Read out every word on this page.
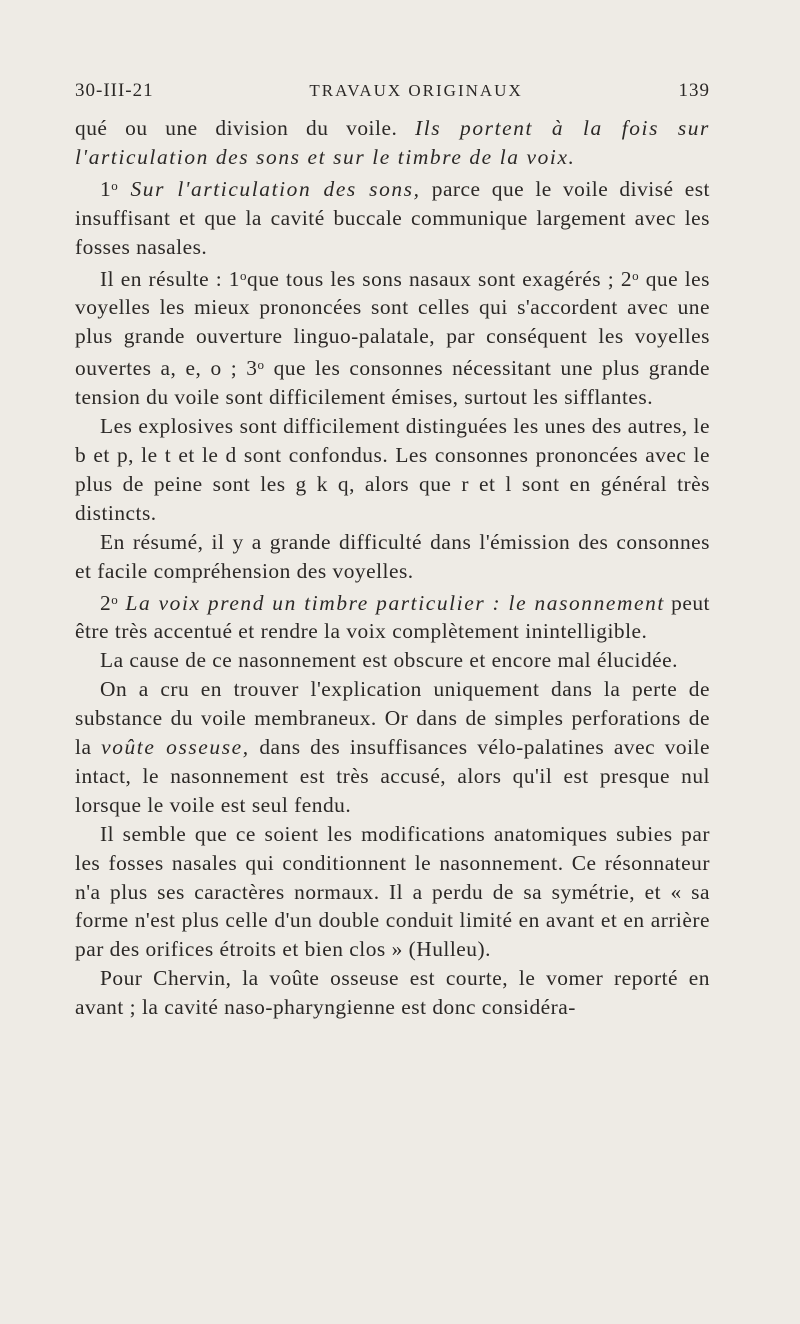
30-III-21	TRAVAUX ORIGINAUX	139

qué ou une division du voile. Ils portent à la fois sur l'articulation des sons et sur le timbre de la voix.

1$^o$ Sur l'articulation des sons, parce que le voile divisé est insuffisant et que la cavité buccale communique largement avec les fosses nasales.

Il en résulte : 1$^o$que tous les sons nasaux sont exagérés ; 2$^o$ que les voyelles les mieux prononcées sont celles qui s'accordent avec une plus grande ouverture linguo-palatale, par conséquent les voyelles ouvertes a, e, o ; 3$^o$ que les consonnes nécessitant une plus grande tension du voile sont difficilement émises, surtout les sifflantes.

Les explosives sont difficilement distinguées les unes des autres, le b et p, le t et le d sont confondus. Les consonnes prononcées avec le plus de peine sont les g k q, alors que r et l sont en général très distincts.

En résumé, il y a grande difficulté dans l'émission des consonnes et facile compréhension des voyelles.

2$^o$ La voix prend un timbre particulier : le nasonnement peut être très accentué et rendre la voix complètement inintelligible.

La cause de ce nasonnement est obscure et encore mal élucidée.

On a cru en trouver l'explication uniquement dans la perte de substance du voile membraneux. Or dans de simples perforations de la voûte osseuse, dans des insuffisances vélo-palatines avec voile intact, le nasonnement est très accusé, alors qu'il est presque nul lorsque le voile est seul fendu.

Il semble que ce soient les modifications anatomiques subies par les fosses nasales qui conditionnent le nasonnement. Ce résonnateur n'a plus ses caractères normaux. Il a perdu de sa symétrie, et « sa forme n'est plus celle d'un double conduit limité en avant et en arrière par des orifices étroits et bien clos » (Hulleu).

Pour Chervin, la voûte osseuse est courte, le vomer reporté en avant ; la cavité naso-pharyngienne est donc considéra-
